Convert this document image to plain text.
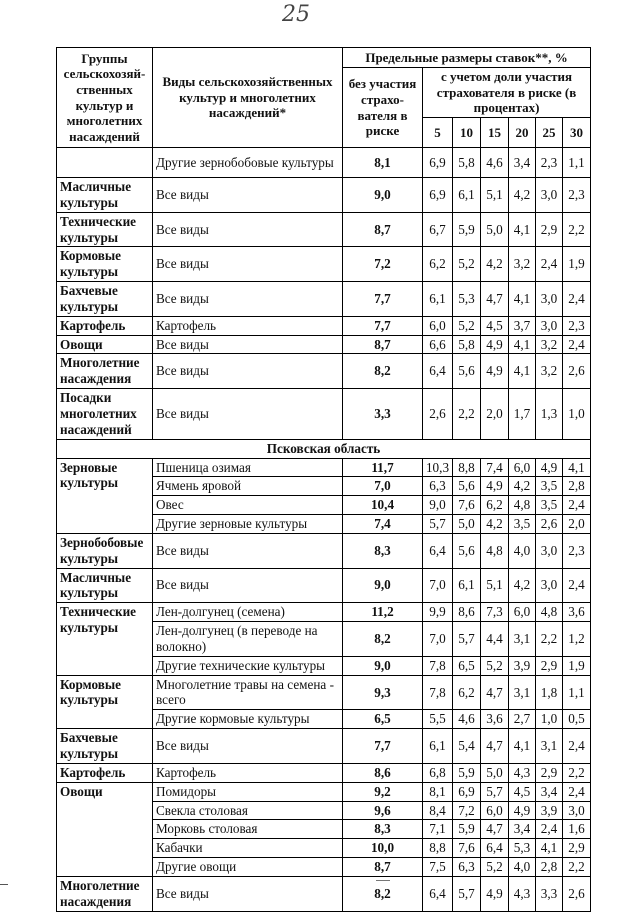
25
Группы сельскохозяй-ственных культур и многолетних насаждений	Виды сельскохозяйственных культур и многолетних насаждений*	Предельные размеры ставок**, %						
		без участия страхо-вателя в риске	с учетом доли участия страхователя в риске (в процентах)					
			5	10	15	20	25	30
	Другие зернобобовые культуры	8,1	6,9	5,8	4,6	3,4	2,3	1,1
Масличные культуры	Все виды	9,0	6,9	6,1	5,1	4,2	3,0	2,3
Технические культуры	Все виды	8,7	6,7	5,9	5,0	4,1	2,9	2,2
Кормовые культуры	Все виды	7,2	6,2	5,2	4,2	3,2	2,4	1,9
Бахчевые культуры	Все виды	7,7	6,1	5,3	4,7	4,1	3,0	2,4
Картофель	Картофель	7,7	6,0	5,2	4,5	3,7	3,0	2,3
Овощи	Все виды	8,7	6,6	5,8	4,9	4,1	3,2	2,4
Многолетние насаждения	Все виды	8,2	6,4	5,6	4,9	4,1	3,2	2,6
Посадки многолетних насаждений	Все виды	3,3	2,6	2,2	2,0	1,7	1,3	1,0
Псковская область								
Зерновые культуры	Пшеница озимая	11,7	10,3	8,8	7,4	6,0	4,9	4,1
	Ячмень яровой	7,0	6,3	5,6	4,9	4,2	3,5	2,8
	Овес	10,4	9,0	7,6	6,2	4,8	3,5	2,4
	Другие зерновые культуры	7,4	5,7	5,0	4,2	3,5	2,6	2,0
Зернобобовые культуры	Все виды	8,3	6,4	5,6	4,8	4,0	3,0	2,3
Масличные культуры	Все виды	9,0	7,0	6,1	5,1	4,2	3,0	2,4
Технические культуры	Лен-долгунец (семена)	11,2	9,9	8,6	7,3	6,0	4,8	3,6
	Лен-долгунец (в переводе на волокно)	8,2	7,0	5,7	4,4	3,1	2,2	1,2
	Другие технические культуры	9,0	7,8	6,5	5,2	3,9	2,9	1,9
Кормовые культуры	Многолетние травы на семена - всего	9,3	7,8	6,2	4,7	3,1	1,8	1,1
	Другие кормовые культуры	6,5	5,5	4,6	3,6	2,7	1,0	0,5
Бахчевые культуры	Все виды	7,7	6,1	5,4	4,7	4,1	3,1	2,4
Картофель	Картофель	8,6	6,8	5,9	5,0	4,3	2,9	2,2
Овощи	Помидоры	9,2	8,1	6,9	5,7	4,5	3,4	2,4
	Свекла столовая	9,6	8,4	7,2	6,0	4,9	3,9	3,0
	Морковь столовая	8,3	7,1	5,9	4,7	3,4	2,4	1,6
	Кабачки	10,0	8,8	7,6	6,4	5,3	4,1	2,9
	Другие овощи	8,7	7,5	6,3	5,2	4,0	2,8	2,2
Многолетние насаждения	Все виды	8,2	6,4	5,7	4,9	4,3	3,3	2,6
